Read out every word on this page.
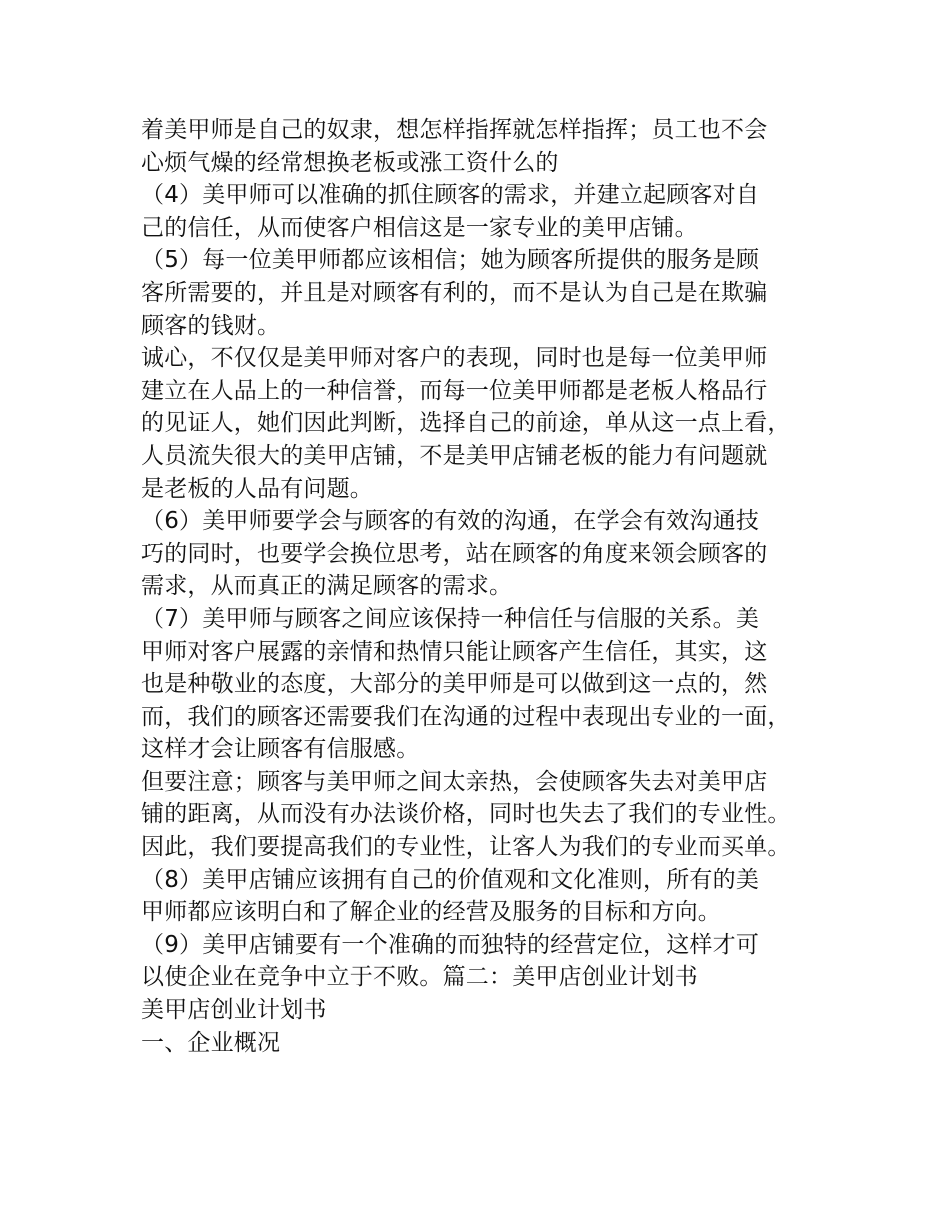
着美甲师是自己的奴隶，想怎样指挥就怎样指挥；员工也不会
心烦气燥的经常想换老板或涨工资什么的
（4）美甲师可以准确的抓住顾客的需求，并建立起顾客对自
己的信任，从而使客户相信这是一家专业的美甲店铺。
（5）每一位美甲师都应该相信；她为顾客所提供的服务是顾
客所需要的，并且是对顾客有利的，而不是认为自己是在欺骗
顾客的钱财。
诚心，不仅仅是美甲师对客户的表现，同时也是每一位美甲师
建立在人品上的一种信誉，而每一位美甲师都是老板人格品行
的见证人，她们因此判断，选择自己的前途，单从这一点上看，
人员流失很大的美甲店铺，不是美甲店铺老板的能力有问题就
是老板的人品有问题。
（6）美甲师要学会与顾客的有效的沟通，在学会有效沟通技
巧的同时，也要学会换位思考，站在顾客的角度来领会顾客的
需求，从而真正的满足顾客的需求。
（7）美甲师与顾客之间应该保持一种信任与信服的关系。美
甲师对客户展露的亲情和热情只能让顾客产生信任，其实，这
也是种敬业的态度，大部分的美甲师是可以做到这一点的，然
而，我们的顾客还需要我们在沟通的过程中表现出专业的一面，
这样才会让顾客有信服感。
但要注意；顾客与美甲师之间太亲热，会使顾客失去对美甲店
铺的距离，从而没有办法谈价格，同时也失去了我们的专业性。
因此，我们要提高我们的专业性，让客人为我们的专业而买单。
（8）美甲店铺应该拥有自己的价值观和文化准则，所有的美
甲师都应该明白和了解企业的经营及服务的目标和方向。
（9）美甲店铺要有一个准确的而独特的经营定位，这样才可
以使企业在竞争中立于不败。篇二：美甲店创业计划书
美甲店创业计划书
一、企业概况
